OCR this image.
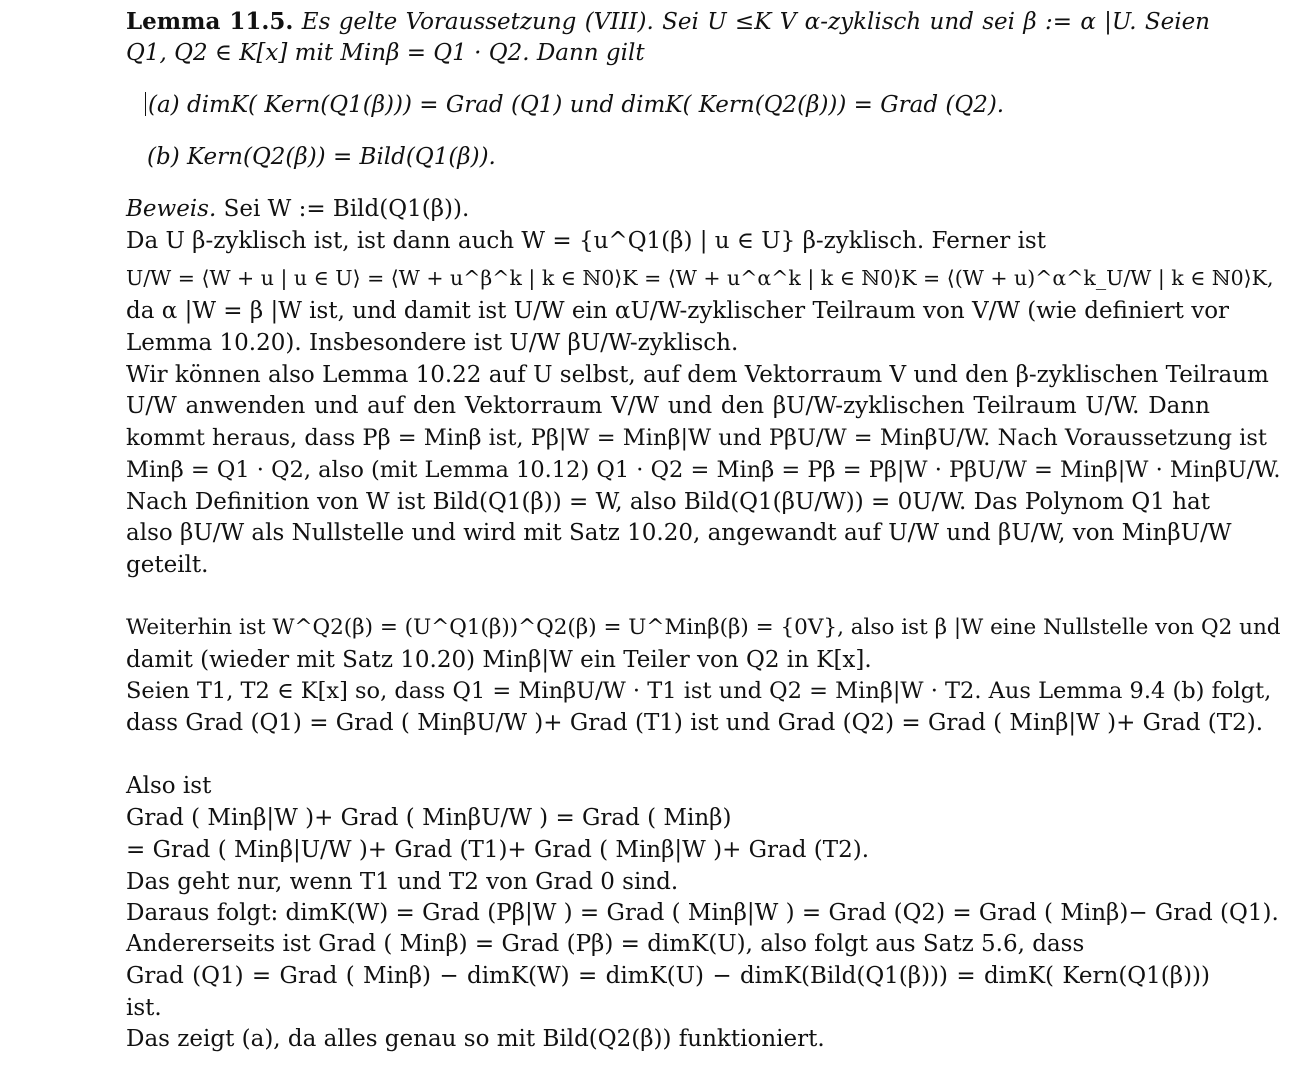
Lemma 11.5. Es gelte Voraussetzung (VIII). Sei U ≤K V α-zyklisch und sei β := α |U. Seien
Q1, Q2 ∈ K[x] mit Minβ = Q1 · Q2. Dann gilt
(a) dimK( Kern(Q1(β))) = Grad (Q1) und dimK( Kern(Q2(β))) = Grad (Q2).
(b) Kern(Q2(β)) = Bild(Q1(β)).
Beweis. Sei W := Bild(Q1(β)).
Da U β-zyklisch ist, ist dann auch W = {u^Q1(β) | u ∈ U} β-zyklisch. Ferner ist
U/W = ⟨W + u | u ∈ U⟩ = ⟨W + u^β^k | k ∈ ℕ0⟩K = ⟨W + u^α^k | k ∈ ℕ0⟩K = ⟨(W + u)^α^k_U/W | k ∈ ℕ0⟩K,
da α |W = β |W ist, und damit ist U/W ein αU/W-zyklischer Teilraum von V/W (wie definiert vor
Lemma 10.20). Insbesondere ist U/W βU/W-zyklisch.
Wir können also Lemma 10.22 auf U selbst, auf dem Vektorraum V und den β-zyklischen Teilraum
U/W anwenden und auf den Vektorraum V/W und den βU/W-zyklischen Teilraum U/W. Dann
kommt heraus, dass Pβ = Minβ ist, Pβ|W = Minβ|W und PβU/W = MinβU/W. Nach Voraussetzung ist
Minβ = Q1 · Q2, also (mit Lemma 10.12) Q1 · Q2 = Minβ = Pβ = Pβ|W · PβU/W = Minβ|W · MinβU/W.
Nach Definition von W ist Bild(Q1(β)) = W, also Bild(Q1(βU/W)) = 0U/W. Das Polynom Q1 hat
also βU/W als Nullstelle und wird mit Satz 10.20, angewandt auf U/W und βU/W, von MinβU/W
geteilt.
Weiterhin ist W^Q2(β) = (U^Q1(β))^Q2(β) = U^Minβ(β) = {0V}, also ist β |W eine Nullstelle von Q2 und
damit (wieder mit Satz 10.20) Minβ|W ein Teiler von Q2 in K[x].
Seien T1, T2 ∈ K[x] so, dass Q1 = MinβU/W · T1 ist und Q2 = Minβ|W · T2. Aus Lemma 9.4 (b) folgt,
dass Grad (Q1) = Grad ( MinβU/W )+ Grad (T1) ist und Grad (Q2) = Grad ( Minβ|W )+ Grad (T2).
Also ist
Grad ( Minβ|W )+ Grad ( MinβU/W ) = Grad ( Minβ)
= Grad ( Minβ|U/W )+ Grad (T1)+ Grad ( Minβ|W )+ Grad (T2).
Das geht nur, wenn T1 und T2 von Grad 0 sind.
Daraus folgt: dimK(W) = Grad (Pβ|W ) = Grad ( Minβ|W ) = Grad (Q2) = Grad ( Minβ)− Grad (Q1).
Andererseits ist Grad ( Minβ) = Grad (Pβ) = dimK(U), also folgt aus Satz 5.6, dass
Grad (Q1) = Grad ( Minβ) − dimK(W) = dimK(U) − dimK(Bild(Q1(β))) = dimK( Kern(Q1(β)))
ist.
Das zeigt (a), da alles genau so mit Bild(Q2(β)) funktioniert.
